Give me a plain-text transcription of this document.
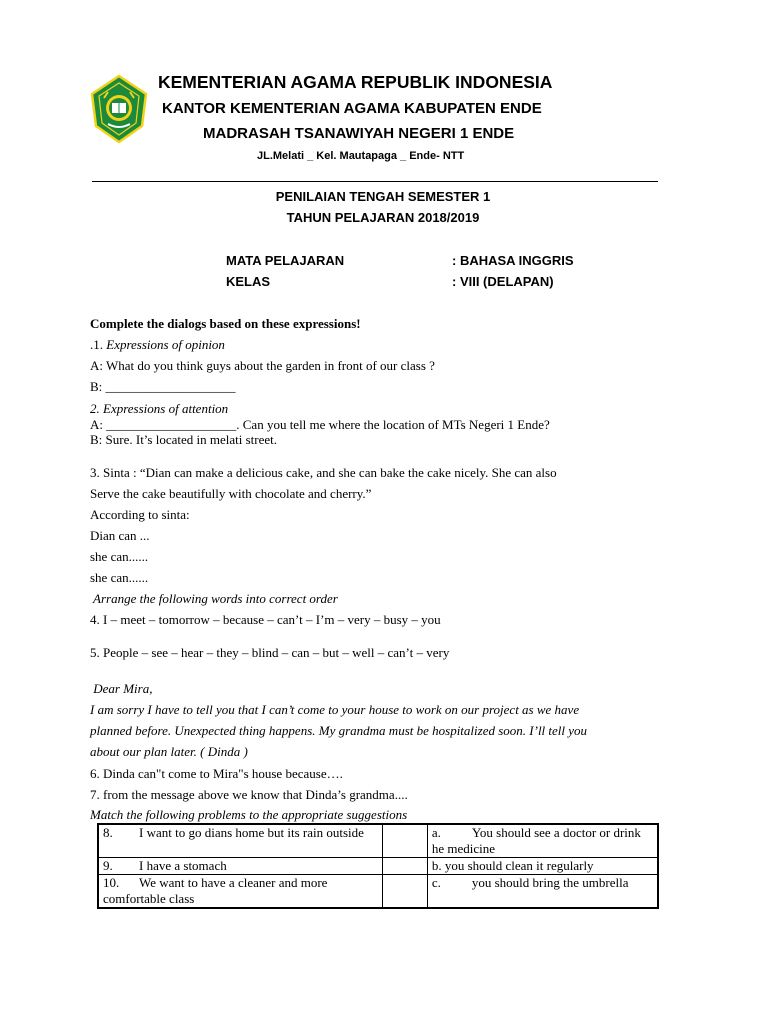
KEMENTERIAN AGAMA REPUBLIK INDONESIA
KANTOR KEMENTERIAN AGAMA KABUPATEN ENDE
MADRASAH TSANAWIYAH NEGERI 1 ENDE
JL.Melati _ Kel. Mautapaga _ Ende- NTT
PENILAIAN TENGAH SEMESTER 1
TAHUN PELAJARAN 2018/2019
MATA PELAJARAN	: BAHASA INGGRIS
KELAS	: VIII (DELAPAN)
Complete the dialogs based on these expressions!
.1. Expressions of opinion
A: What do you think guys about the garden in front of our class ?
B: ____________________
2. Expressions of attention
A: ____________________. Can you tell me where the location of MTs Negeri 1 Ende?
B: Sure. It’s located in melati street.
3. Sinta : “Dian can make a delicious cake, and she can bake the cake nicely. She can also
Serve the cake beautifully with chocolate and cherry.”
According to sinta:
Dian can ...
she can......
she can......
Arrange the following words into correct order
4. I – meet – tomorrow – because – can’t – I’m – very – busy – you
5. People – see – hear – they – blind – can – but – well – can’t – very
Dear Mira,
I am sorry I have to tell you that I can’t come to your house to work on our project as we have
planned before. Unexpected thing happens. My grandma must be hospitalized soon. I’ll tell you
about our plan later. ( Dinda )
6. Dinda can"t come to Mira"s house because….
7. from the message above we know that Dinda’s grandma....
Match the following problems to the appropriate suggestions
8. I want to go dians home but its rain outside		a. You should see a doctor or drink he medicine
9. I have a stomach		b. you should clean it regularly
10. We want to have a cleaner and more comfortable class		c. you should bring the umbrella
